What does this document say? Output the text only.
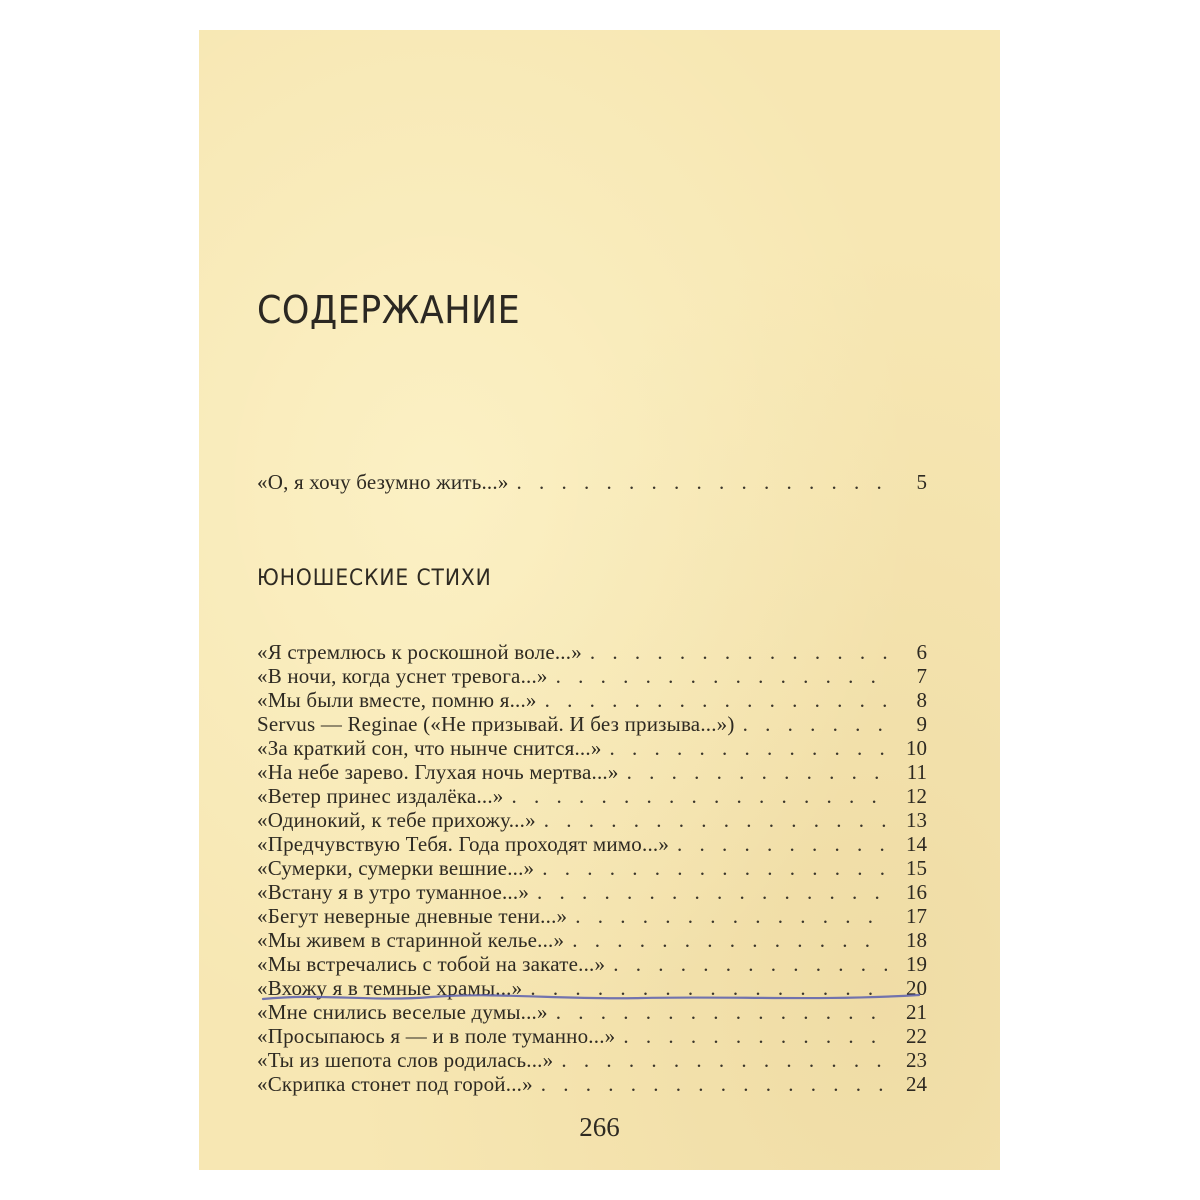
СОДЕРЖАНИЕ
«О, я хочу безумно жить...» . . .	5
ЮНОШЕСКИЕ СТИХИ
«Я стремлюсь к роскошной воле...» . . .	6
«В ночи, когда уснет тревога...» . . .	7
«Мы были вместе, помню я...» . . .	8
Servus — Reginae («Не призывай. И без призыва...») . . .	9
«За краткий сон, что нынче снится...» . . .	10
«На небе зарево. Глухая ночь мертва...» . . .	11
«Ветер принес издалёка...» . . .	12
«Одинокий, к тебе прихожу...» . . .	13
«Предчувствую Тебя. Года проходят мимо...» . . .	14
«Сумерки, сумерки вешние...» . . .	15
«Встану я в утро туманное...» . . .	16
«Бегут неверные дневные тени...» . . .	17
«Мы живем в старинной келье...» . . .	18
«Мы встречались с тобой на закате...» . . .	19
«Вхожу я в темные храмы...» . . .	20
«Мне снились веселые думы...» . . .	21
«Просыпаюсь я — и в поле туманно...» . . .	22
«Ты из шепота слов родилась...» . . .	23
«Скрипка стонет под горой...» . . .	24
266
